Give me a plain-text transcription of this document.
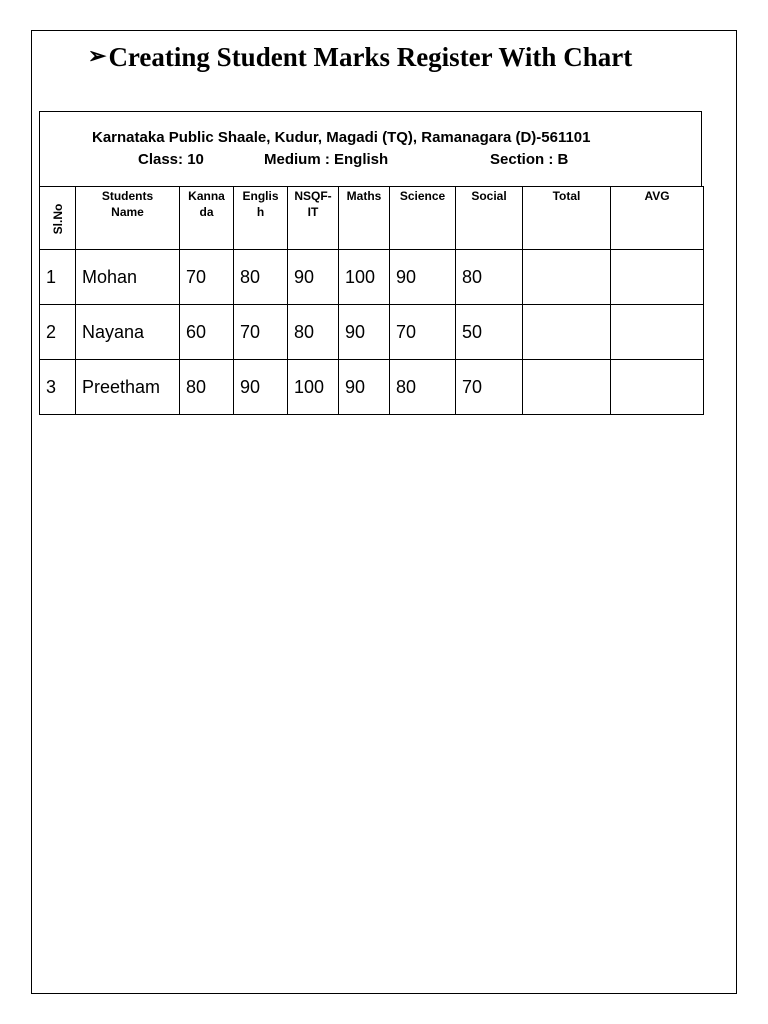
➢Creating Student Marks Register With Chart
Karnataka Public Shaale, Kudur, Magadi (TQ), Ramanagara (D)-561101
Class: 10	Medium : English	Section : B
Sl.No	Students Name	Kanna da	Englis h	NSQF-IT	Maths	Science	Social	Total	AVG
1	Mohan	70	80	90	100	90	80		
2	Nayana	60	70	80	90	70	50		
3	Preetham	80	90	100	90	80	70		
